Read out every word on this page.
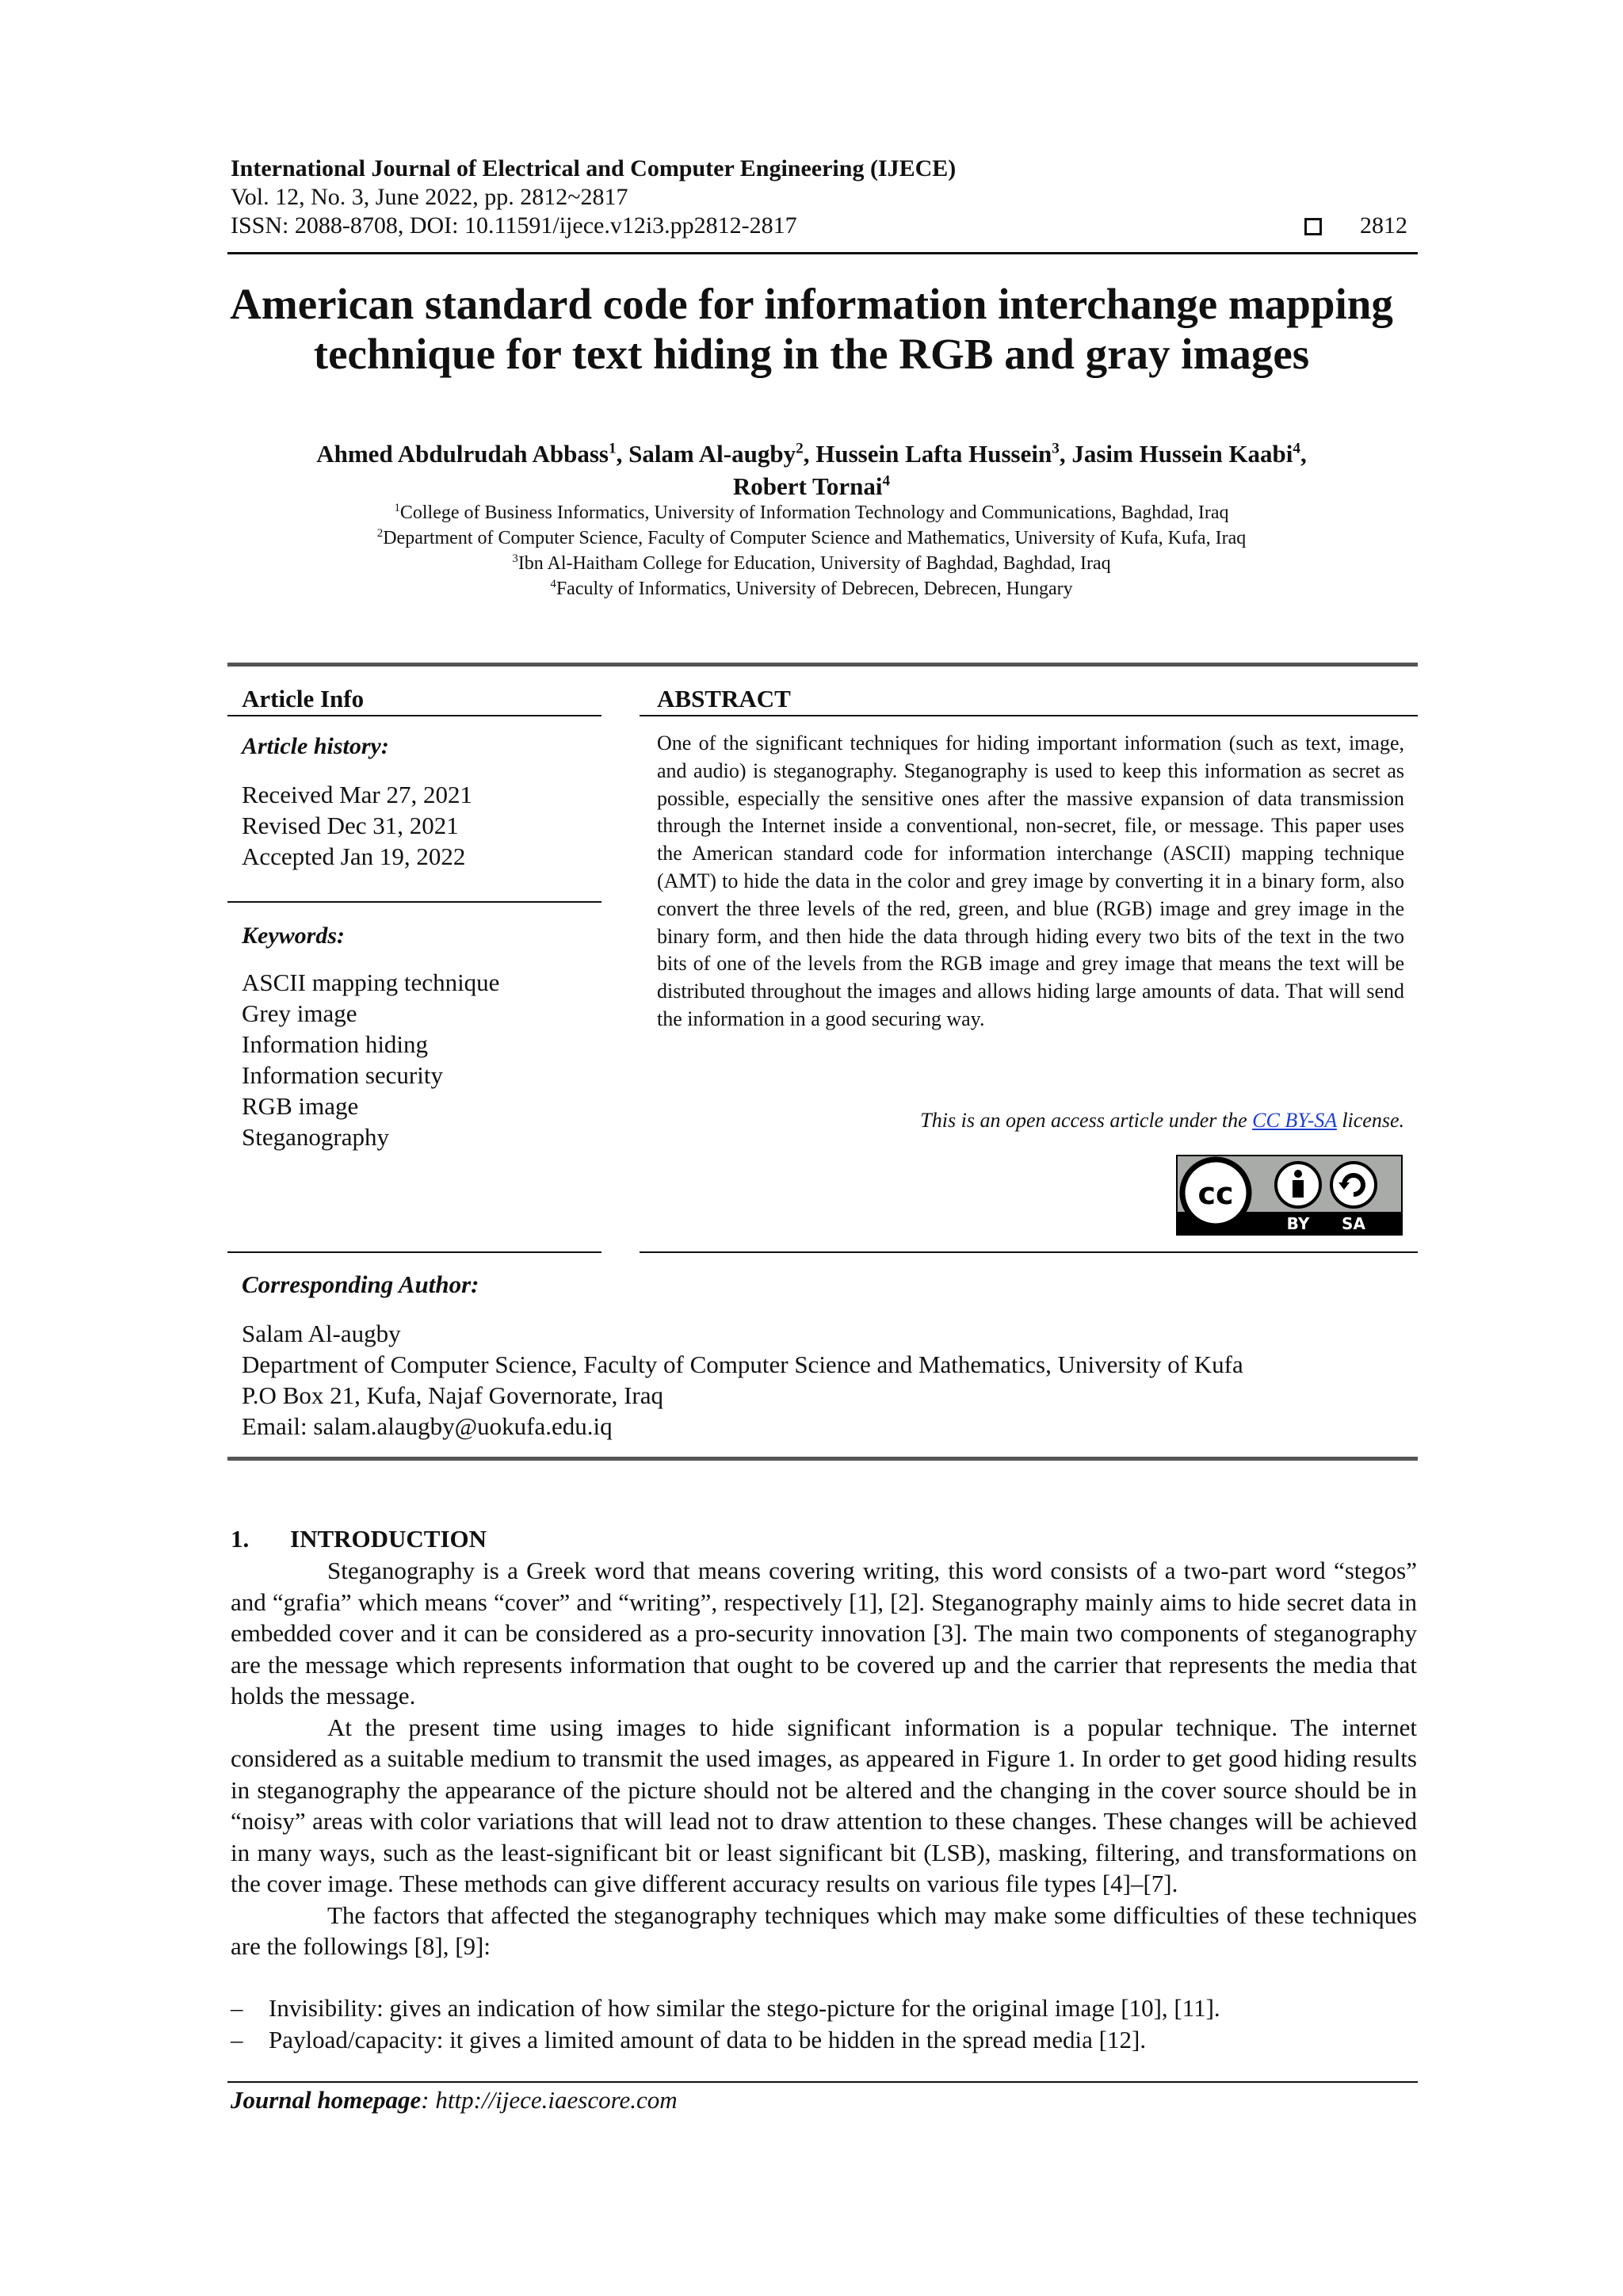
International Journal of Electrical and Computer Engineering (IJECE)
Vol. 12, No. 3, June 2022, pp. 2812~2817
ISSN: 2088-8708, DOI: 10.11591/ijece.v12i3.pp2812-2817	2812
American standard code for information interchange mapping
technique for text hiding in the RGB and gray images
Ahmed Abdulrudah Abbass$^1$, Salam Al-augby$^2$, Hussein Lafta Hussein$^3$, Jasim Hussein Kaabi$^4$,
Robert Tornai$^4$
$^1$College of Business Informatics, University of Information Technology and Communications, Baghdad, Iraq
$^2$Department of Computer Science, Faculty of Computer Science and Mathematics, University of Kufa, Kufa, Iraq
$^3$Ibn Al-Haitham College for Education, University of Baghdad, Baghdad, Iraq
$^4$Faculty of Informatics, University of Debrecen, Debrecen, Hungary
Article Info
Article history:
Received Mar 27, 2021
Revised Dec 31, 2021
Accepted Jan 19, 2022
Keywords:
ASCII mapping technique
Grey image
Information hiding
Information security
RGB image
Steganography
ABSTRACT
One of the significant techniques for hiding important information (such as text, image, and audio) is steganography. Steganography is used to keep this information as secret as possible, especially the sensitive ones after the massive expansion of data transmission through the Internet inside a conventional, non-secret, file, or message. This paper uses the American standard code for information interchange (ASCII) mapping technique (AMT) to hide the data in the color and grey image by converting it in a binary form, also convert the three levels of the red, green, and blue (RGB) image and grey image in the binary form, and then hide the data through hiding every two bits of the text in the two bits of one of the levels from the RGB image and grey image that means the text will be distributed throughout the images and allows hiding large amounts of data. That will send the information in a good securing way.
This is an open access article under the CC BY-SA license.
cc
BY SA
Corresponding Author:
Salam Al-augby
Department of Computer Science, Faculty of Computer Science and Mathematics, University of Kufa
P.O Box 21, Kufa, Najaf Governorate, Iraq
Email: salam.alaugby@uokufa.edu.iq
1. INTRODUCTION

Steganography is a Greek word that means covering writing, this word consists of a two-part word “stegos” and “grafia” which means “cover” and “writing”, respectively [1], [2]. Steganography mainly aims to hide secret data in embedded cover and it can be considered as a pro-security innovation [3]. The main two components of steganography are the message which represents information that ought to be covered up and the carrier that represents the media that holds the message.

At the present time using images to hide significant information is a popular technique. The internet considered as a suitable medium to transmit the used images, as appeared in Figure 1. In order to get good hiding results in steganography the appearance of the picture should not be altered and the changing in the cover source should be in “noisy” areas with color variations that will lead not to draw attention to these changes. These changes will be achieved in many ways, such as the least-significant bit or least significant bit (LSB), masking, filtering, and transformations on the cover image. These methods can give different accuracy results on various file types [4]–[7].

The factors that affected the steganography techniques which may make some difficulties of these techniques are the followings [8], [9]:

– Invisibility: gives an indication of how similar the stego-picture for the original image [10], [11].
– Payload/capacity: it gives a limited amount of data to be hidden in the spread media [12].
Journal homepage: http://ijece.iaescore.com
